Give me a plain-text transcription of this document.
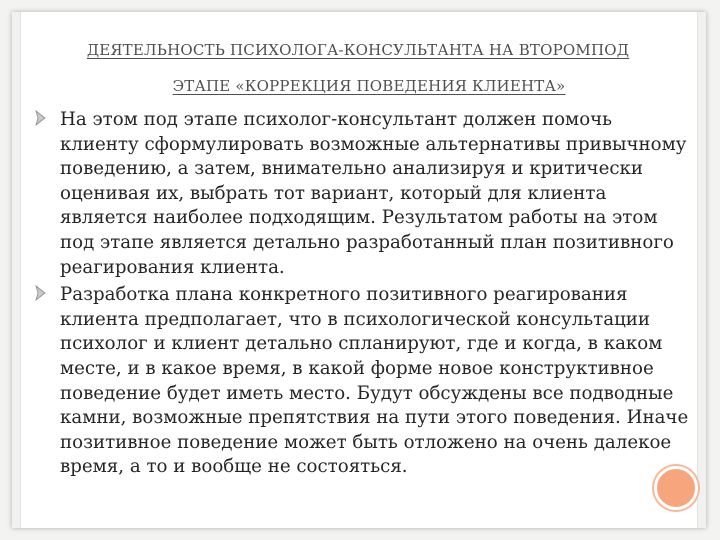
ДЕЯТЕЛЬНОСТЬ ПСИХОЛОГА-КОНСУЛЬТАНТА НА ВТОРОМПОД
ЭТАПЕ «КОРРЕКЦИЯ ПОВЕДЕНИЯ КЛИЕНТА»
На этом под этапе психолог-консультант должен помочь клиенту сформулировать возможные альтернативы привычному поведению, а затем, внимательно анализируя и критически оценивая их, выбрать тот вариант, который для клиента является наиболее подходящим. Результатом работы на этом под этапе является детально разработанный план позитивного реагирования клиента.
Разработка плана конкретного позитивного реагирования клиента предполагает, что в психологической консультации психолог и клиент детально спланируют, где и когда, в каком месте, и в какое время, в какой форме новое конструктивное поведение будет иметь место. Будут обсуждены все подводные камни, возможные препятствия на пути этого поведения. Иначе позитивное поведение может быть отложено на очень далекое время, а то и вообще не состояться.
